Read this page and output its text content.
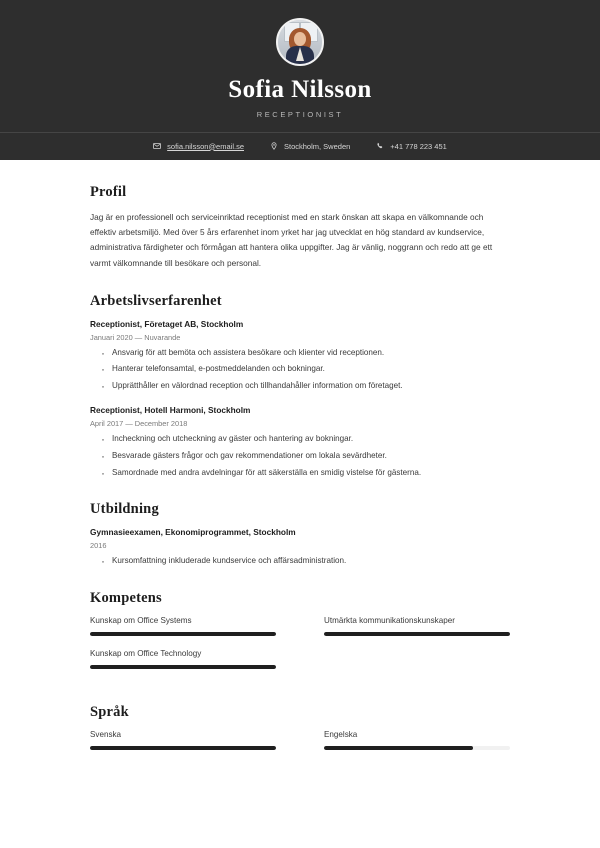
Sofia Nilsson
RECEPTIONIST
sofia.nilsson@email.se	Stockholm, Sweden	+41 778 223 451
Profil

Jag är en professionell och serviceinriktad receptionist med en stark önskan att skapa en välkomnande och effektiv arbetsmiljö. Med över 5 års erfarenhet inom yrket har jag utvecklat en hög standard av kundservice, administrativa färdigheter och förmågan att hantera olika uppgifter. Jag är vänlig, noggrann och redo att ge ett varmt välkomnande till besökare och personal.

Arbetslivserfarenhet
Receptionist, Företaget AB, Stockholm
Januari 2020 — Nuvarande
· Ansvarig för att bemöta och assistera besökare och klienter vid receptionen.
· Hanterar telefonsamtal, e-postmeddelanden och bokningar.
· Upprätthåller en välordnad reception och tillhandahåller information om företaget.
Receptionist, Hotell Harmoni, Stockholm
April 2017 — December 2018
· Incheckning och utcheckning av gäster och hantering av bokningar.
· Besvarade gästers frågor och gav rekommendationer om lokala sevärdheter.
· Samordnade med andra avdelningar för att säkerställa en smidig vistelse för gästerna.
Utbildning
Gymnasieexamen, Ekonomiprogrammet, Stockholm
2016
· Kursomfattning inkluderade kundservice och affärsadministration.
Kompetens
Kunskap om Office Systems	Utmärkta kommunikationskunskaper
Kunskap om Office Technology
Språk
Svenska	Engelska
